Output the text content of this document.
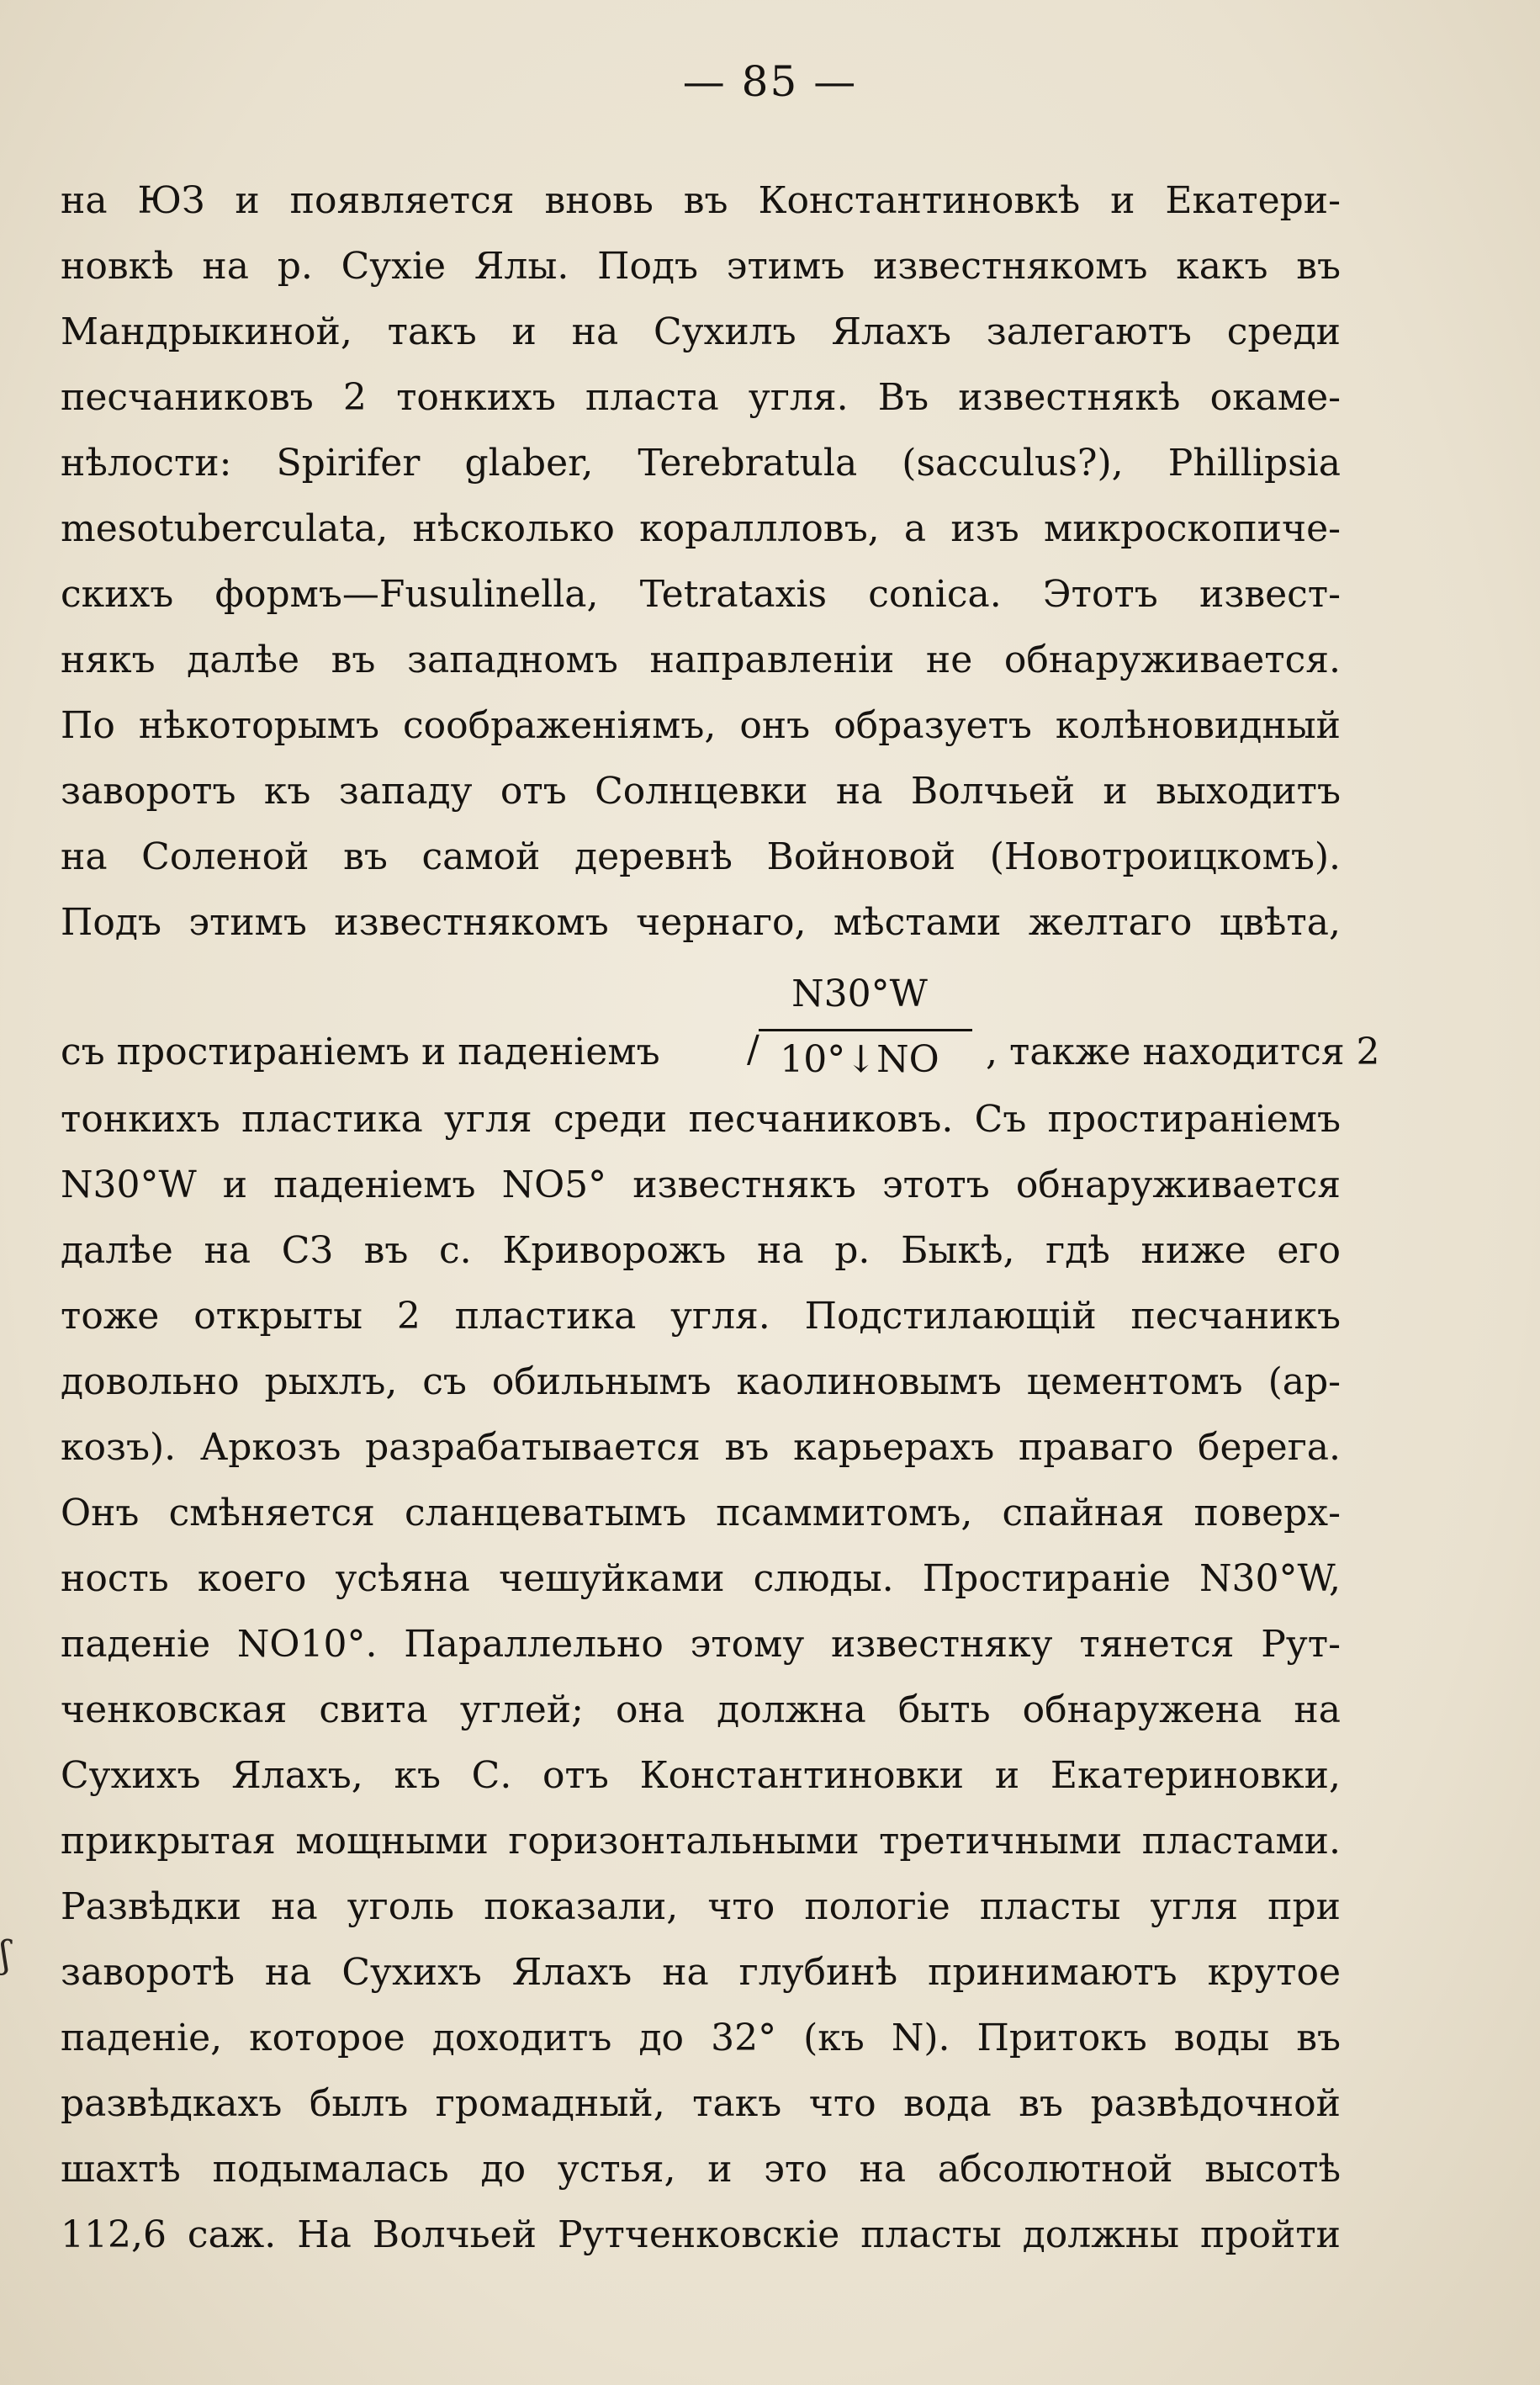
— 85 —
на ЮЗ и появляется вновь въ Константиновкѣ и Екатери-
новкѣ на р. Сухіе Ялы. Подъ этимъ известнякомъ какъ въ
Мандрыкиной, такъ и на Сухилъ Ялахъ залегаютъ среди
песчаниковъ 2 тонкихъ пласта угля. Въ известнякѣ окаме-
нѣлости: Spirifer glaber, Terebratula (sacculus?), Phillipsia
mesotuberculata, нѣсколько кораллловъ, а изъ микроскопиче-
скихъ формъ—Fusulinella, Tetrataxis conica. Этотъ извест-
някъ далѣе въ западномъ направленіи не обнаруживается.
По нѣкоторымъ соображеніямъ, онъ образуетъ колѣновидный
заворотъ къ западу отъ Солнцевки на Волчьей и выходитъ
на Соленой въ самой деревнѣ Войновой (Новотроицкомъ).
Подъ этимъ известнякомъ чернаго, мѣстами желтаго цвѣта,
съ простираніемъ и паденіемъ
N30°W
/ 10°↓NO	, также находится 2
тонкихъ пластика угля среди песчаниковъ. Съ простираніемъ
N30°W и паденіемъ NO5° известнякъ этотъ обнаруживается
далѣе на СЗ въ с. Криворожъ на р. Быкѣ, гдѣ ниже его
тоже открыты 2 пластика угля. Подстилающій песчаникъ
довольно рыхлъ, съ обильнымъ каолиновымъ цементомъ (ар-
козъ). Аркозъ разрабатывается въ карьерахъ праваго берега.
Онъ смѣняется сланцеватымъ псаммитомъ, спайная поверх-
ность коего усѣяна чешуйками слюды. Простираніе N30°W,
паденіе NO10°. Параллельно этому известняку тянется Рут-
ченковская свита углей; она должна быть обнаружена на
Сухихъ Ялахъ, къ С. отъ Константиновки и Екатериновки,
прикрытая мощными горизонтальными третичными пластами.
Развѣдки на уголь показали, что пологіе пласты угля при
заворотѣ на Сухихъ Ялахъ на глубинѣ принимаютъ крутое
паденіе, которое доходитъ до 32° (къ N). Притокъ воды въ
развѣдкахъ былъ громадный, такъ что вода въ развѣдочной
шахтѣ подымалась до устья, и это на абсолютной высотѣ
112,6 саж. На Волчьей Рутченковскіе пласты должны пройти
ʃ
